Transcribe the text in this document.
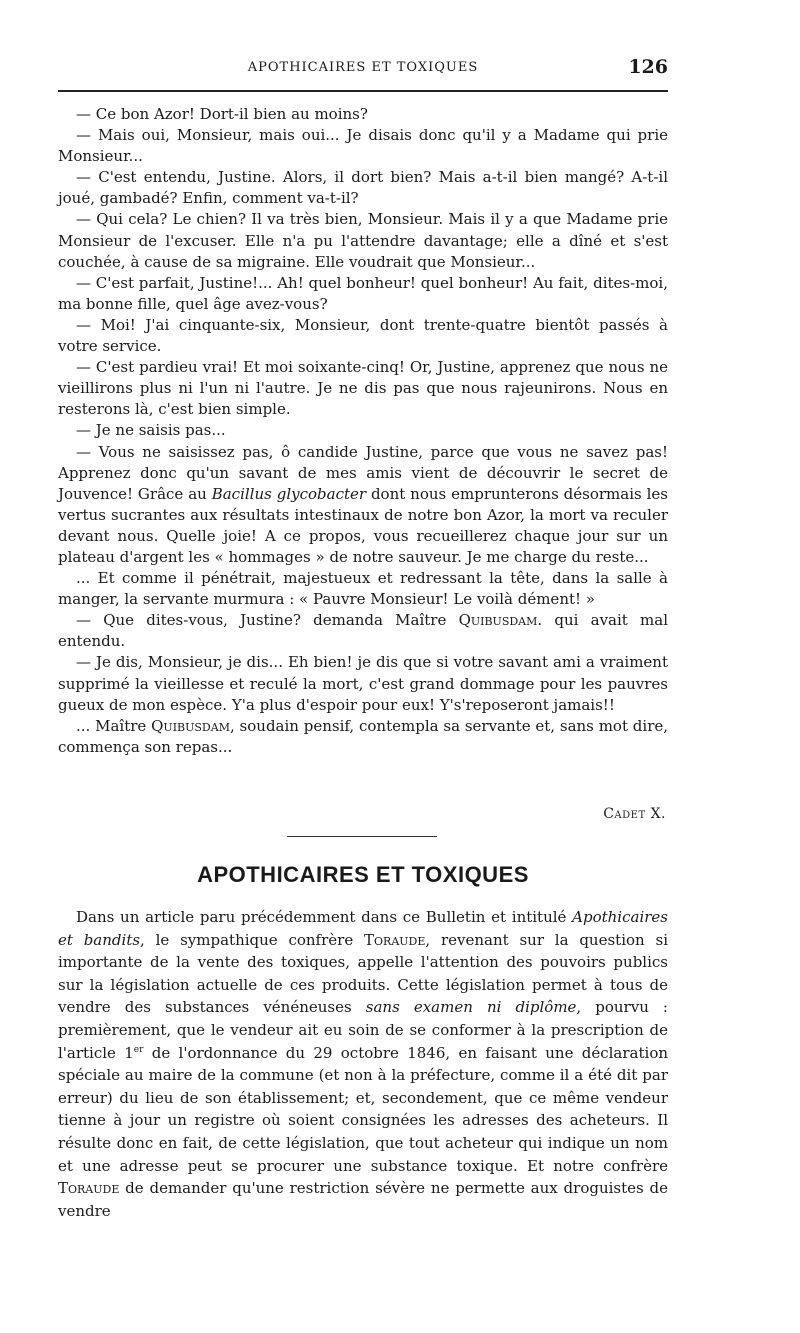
APOTHICAIRES ET TOXIQUES	126

— Ce bon Azor! Dort-il bien au moins?

— Mais oui, Monsieur, mais oui... Je disais donc qu'il y a Madame qui prie Monsieur...

— C'est entendu, Justine. Alors, il dort bien? Mais a-t-il bien mangé? A-t-il joué, gambadé? Enfin, comment va-t-il?

— Qui cela? Le chien? Il va très bien, Monsieur. Mais il y a que Madame prie Monsieur de l'excuser. Elle n'a pu l'attendre davantage; elle a dîné et s'est couchée, à cause de sa migraine. Elle voudrait que Monsieur...

— C'est parfait, Justine!... Ah! quel bonheur! quel bonheur! Au fait, dites-moi, ma bonne fille, quel âge avez-vous?

— Moi! J'ai cinquante-six, Monsieur, dont trente-quatre bientôt passés à votre service.

— C'est pardieu vrai! Et moi soixante-cinq! Or, Justine, apprenez que nous ne vieillirons plus ni l'un ni l'autre. Je ne dis pas que nous rajeunirons. Nous en resterons là, c'est bien simple.

— Je ne saisis pas...

— Vous ne saisissez pas, ô candide Justine, parce que vous ne savez pas! Apprenez donc qu'un savant de mes amis vient de découvrir le secret de Jouvence! Grâce au Bacillus glycobacter dont nous emprunterons désormais les vertus sucrantes aux résultats intestinaux de notre bon Azor, la mort va reculer devant nous. Quelle joie! A ce propos, vous recueillerez chaque jour sur un plateau d'argent les « hommages » de notre sauveur. Je me charge du reste...

... Et comme il pénétrait, majestueux et redressant la tête, dans la salle à manger, la servante murmura : « Pauvre Monsieur! Le voilà dément! »

— Que dites-vous, Justine? demanda Maître Quibusdam. qui avait mal entendu.

— Je dis, Monsieur, je dis... Eh bien! je dis que si votre savant ami a vraiment supprimé la vieillesse et reculé la mort, c'est grand dommage pour les pauvres gueux de mon espèce. Y'a plus d'espoir pour eux! Y's'reposeront jamais!!

... Maître Quibusdam, soudain pensif, contempla sa servante et, sans mot dire, commença son repas...

Cadet X.
APOTHICAIRES ET TOXIQUES

Dans un article paru précédemment dans ce Bulletin et intitulé Apothicaires et bandits, le sympathique confrère Toraude, revenant sur la question si importante de la vente des toxiques, appelle l'attention des pouvoirs publics sur la législation actuelle de ces produits. Cette législation permet à tous de vendre des substances vénéneuses sans examen ni diplôme, pourvu : premièrement, que le vendeur ait eu soin de se conformer à la prescription de l'article 1er de l'ordonnance du 29 octobre 1846, en faisant une déclaration spéciale au maire de la commune (et non à la préfecture, comme il a été dit par erreur) du lieu de son établissement; et, secondement, que ce même vendeur tienne à jour un registre où soient consignées les adresses des acheteurs. Il résulte donc en fait, de cette législation, que tout acheteur qui indique un nom et une adresse peut se procurer une substance toxique. Et notre confrère Toraude de demander qu'une restriction sévère ne permette aux droguistes de vendre
